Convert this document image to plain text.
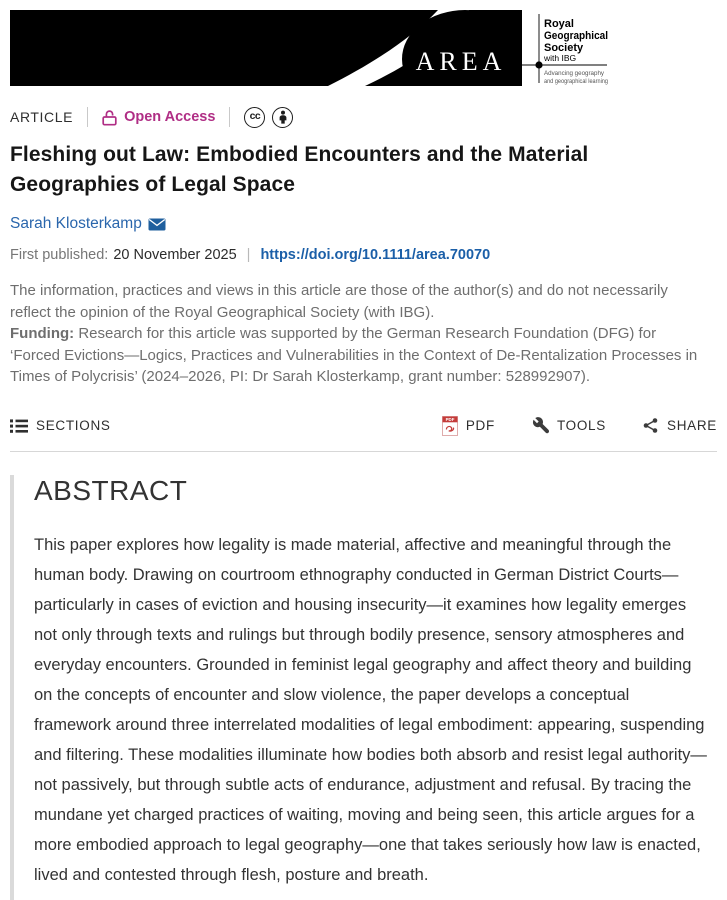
AREA
Royal
Geographical
Society
with IBG
Advancing geography
and geographical learning
ARTICLE	Open Access	cc
Fleshing out Law: Embodied Encounters and the Material Geographies of Legal Space
Sarah Klosterkamp
First published: 20 November 2025 | https://doi.org/10.1111/area.70070

The information, practices and views in this article are those of the author(s) and do not necessarily reflect the opinion of the Royal Geographical Society (with IBG).
Funding: Research for this article was supported by the German Research Foundation (DFG) for ‘Forced Evictions—Logics, Practices and Vulnerabilities in the Context of De-Rentalization Processes in Times of Polycrisis’ (2024–2026, PI: Dr Sarah Klosterkamp, grant number: 528992907).

SECTIONS	PDF PDF	TOOLS	SHARE
ABSTRACT

This paper explores how legality is made material, affective and meaningful through the human body. Drawing on courtroom ethnography conducted in German District Courts—particularly in cases of eviction and housing insecurity—it examines how legality emerges not only through texts and rulings but through bodily presence, sensory atmospheres and everyday encounters. Grounded in feminist legal geography and affect theory and building on the concepts of encounter and slow violence, the paper develops a conceptual framework around three interrelated modalities of legal embodiment: appearing, suspending and filtering. These modalities illuminate how bodies both absorb and resist legal authority—not passively, but through subtle acts of endurance, adjustment and refusal. By tracing the mundane yet charged practices of waiting, moving and being seen, this article argues for a more embodied approach to legal geography—one that takes seriously how law is enacted, lived and contested through flesh, posture and breath.
